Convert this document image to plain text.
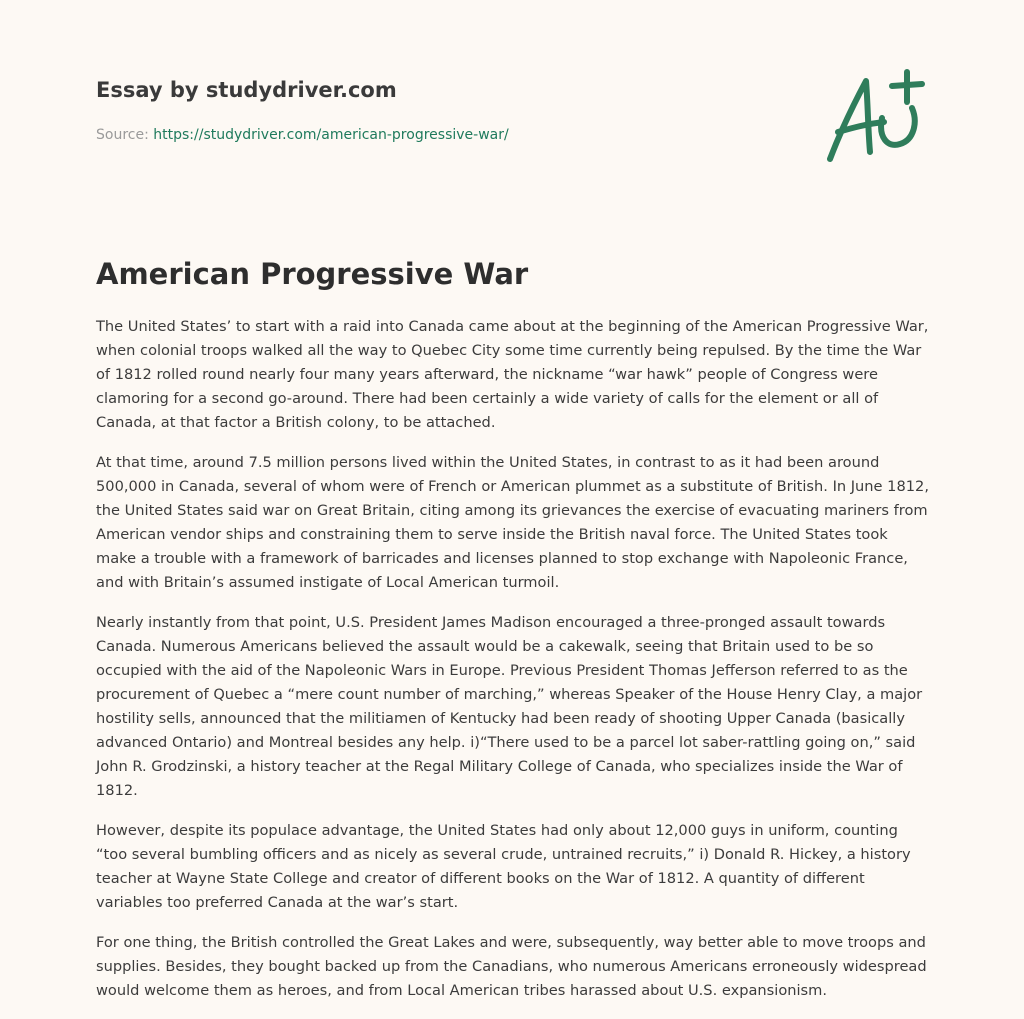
Essay by studydriver.com
Source: https://studydriver.com/american-progressive-war/
American Progressive War

The United States’ to start with a raid into Canada came about at the beginning of the American Progressive War, when colonial troops walked all the way to Quebec City some time currently being repulsed. By the time the War of 1812 rolled round nearly four many years afterward, the nickname “war hawk” people of Congress were clamoring for a second go-around. There had been certainly a wide variety of calls for the element or all of Canada, at that factor a British colony, to be attached.

At that time, around 7.5 million persons lived within the United States, in contrast to as it had been around 500,000 in Canada, several of whom were of French or American plummet as a substitute of British. In June 1812, the United States said war on Great Britain, citing among its grievances the exercise of evacuating mariners from American vendor ships and constraining them to serve inside the British naval force. The United States took make a trouble with a framework of barricades and licenses planned to stop exchange with Napoleonic France, and with Britain’s assumed instigate of Local American turmoil.

Nearly instantly from that point, U.S. President James Madison encouraged a three-pronged assault towards Canada. Numerous Americans believed the assault would be a cakewalk, seeing that Britain used to be so occupied with the aid of the Napoleonic Wars in Europe. Previous President Thomas Jefferson referred to as the procurement of Quebec a “mere count number of marching,” whereas Speaker of the House Henry Clay, a major hostility sells, announced that the militiamen of Kentucky had been ready of shooting Upper Canada (basically advanced Ontario) and Montreal besides any help. i)“There used to be a parcel lot saber-rattling going on,” said John R. Grodzinski, a history teacher at the Regal Military College of Canada, who specializes inside the War of 1812.

However, despite its populace advantage, the United States had only about 12,000 guys in uniform, counting “too several bumbling officers and as nicely as several crude, untrained recruits,” i) Donald R. Hickey, a history teacher at Wayne State College and creator of different books on the War of 1812. A quantity of different variables too preferred Canada at the war’s start.

For one thing, the British controlled the Great Lakes and were, subsequently, way better able to move troops and supplies. Besides, they bought backed up from the Canadians, who numerous Americans erroneously widespread would welcome them as heroes, and from Local American tribes harassed about U.S. expansionism.
